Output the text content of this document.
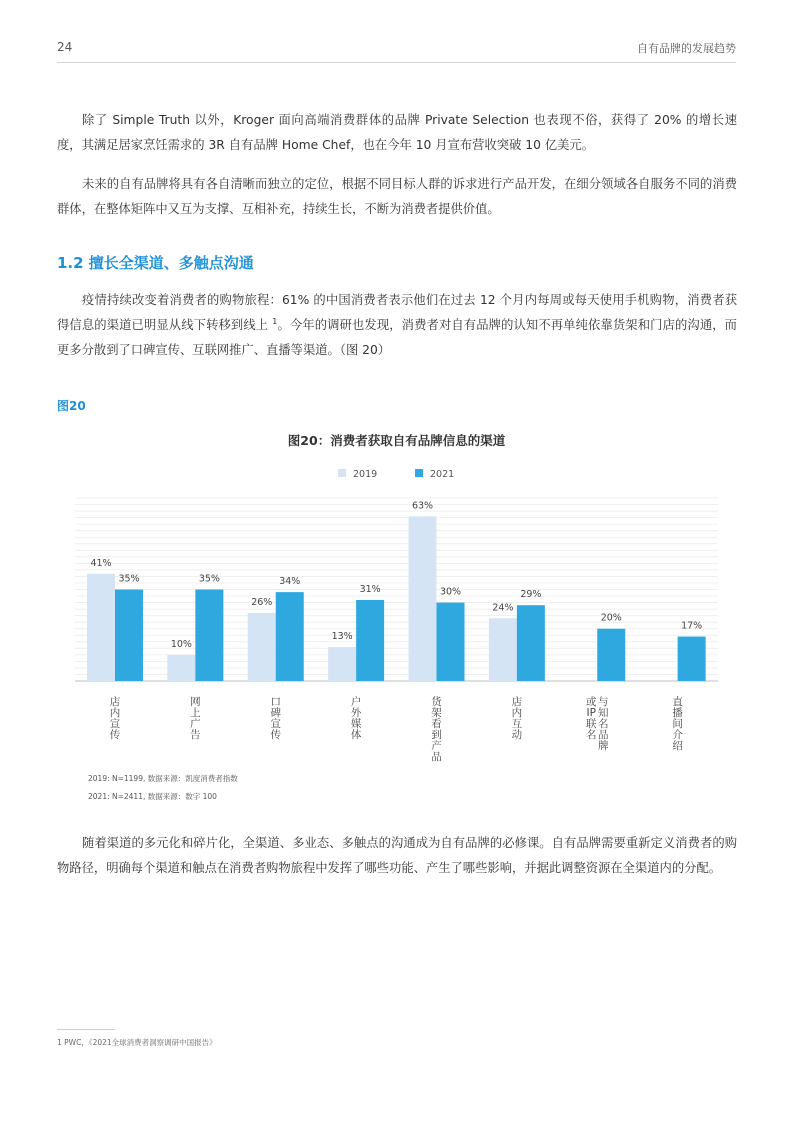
24	自有品牌的发展趋势

除了 Simple Truth 以外，Kroger 面向高端消费群体的品牌 Private Selection 也表现不俗，获得了 20% 的增长速度，其满足居家烹饪需求的 3R 自有品牌 Home Chef，也在今年 10 月宣布营收突破 10 亿美元。

未来的自有品牌将具有各自清晰而独立的定位，根据不同目标人群的诉求进行产品开发，在细分领域各自服务不同的消费群体，在整体矩阵中又互为支撑、互相补充，持续生长，不断为消费者提供价值。

1.2 擅长全渠道、多触点沟通

疫情持续改变着消费者的购物旅程：61% 的中国消费者表示他们在过去 12 个月内每周或每天使用手机购物，消费者获得信息的渠道已明显从线下转移到线上 $^1$。今年的调研也发现，消费者对自有品牌的认知不再单纯依靠货架和门店的沟通，而更多分散到了口碑宣传、互联网推广、直播等渠道。（图 20）

图20
图20：消费者获取自有品牌信息的渠道
2019	2021
41%
35%
店内宣传
10%
35%
网上广告
26%
34%
口碑宣传
13%
31%
户外媒体
63%
30%
货架看到产品
24%
29%
店内互动
20%
或 IP 联名
与知名品牌
17%
直播间介绍
2019: N=1199, 数据来源：凯度消费者指数
2021: N=2411, 数据来源：数字 100

随着渠道的多元化和碎片化，全渠道、多业态、多触点的沟通成为自有品牌的必修课。自有品牌需要重新定义消费者的购物路径，明确每个渠道和触点在消费者购物旅程中发挥了哪些功能、产生了哪些影响，并据此调整资源在全渠道内的分配。

1 PWC，《2021全球消费者洞察调研中国报告》
